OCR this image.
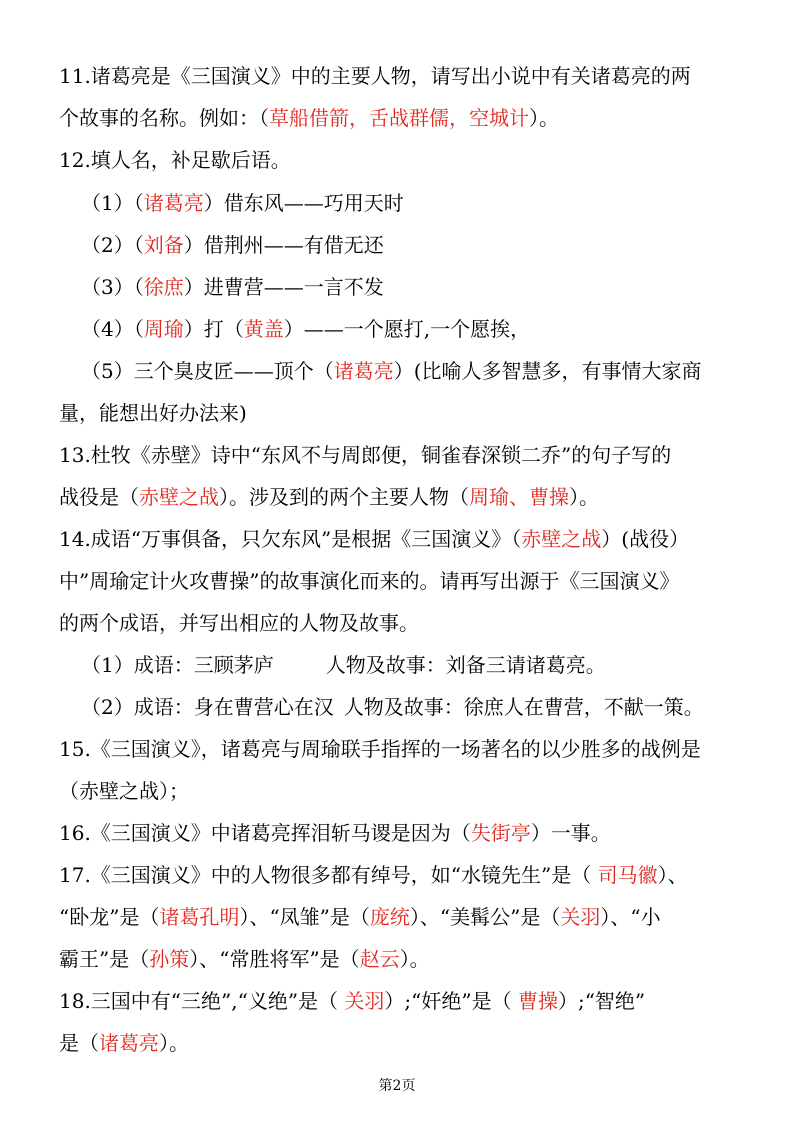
11.诸葛亮是《三国演义》中的主要人物，请写出小说中有关诸葛亮的两
个故事的名称。例如：（草船借箭，舌战群儒，空城计）。
12.填人名，补足歇后语。
（1）（诸葛亮）借东风——巧用天时
（2）（刘备）借荆州——有借无还
（3）（徐庶）进曹营——一言不发
（4）（周瑜）打（黄盖）——一个愿打,一个愿挨，
（5）三个臭皮匠——顶个（诸葛亮）(比喻人多智慧多，有事情大家商
量，能想出好办法来)
13.杜牧《赤壁》诗中“东风不与周郎便，铜雀春深锁二乔”的句子写的
战役是（赤壁之战）。涉及到的两个主要人物（周瑜、曹操）。
14.成语“万事俱备，只欠东风”是根据《三国演义》（赤壁之战）(战役）
中”周瑜定计火攻曹操”的故事演化而来的。请再写出源于《三国演义》
的两个成语，并写出相应的人物及故事。
（1）成语：三顾茅庐	人物及故事：刘备三请诸葛亮。
（2）成语：身在曹营心在汉 人物及故事：徐庶人在曹营，不献一策。
15.《三国演义》，诸葛亮与周瑜联手指挥的一场著名的以少胜多的战例是
（赤壁之战）；
16.《三国演义》中诸葛亮挥泪斩马谡是因为（失街亭）一事。
17.《三国演义》中的人物很多都有绰号，如“水镜先生”是（ 司马徽）、
“卧龙”是（诸葛孔明）、“凤雏”是（庞统）、“美髯公”是（关羽）、“小
霸王”是（孙策）、“常胜将军”是（赵云）。
18.三国中有“三绝”,“义绝”是（ 关羽）;“奸绝”是（ 曹操）;“智绝”
是（诸葛亮）。
第2页
